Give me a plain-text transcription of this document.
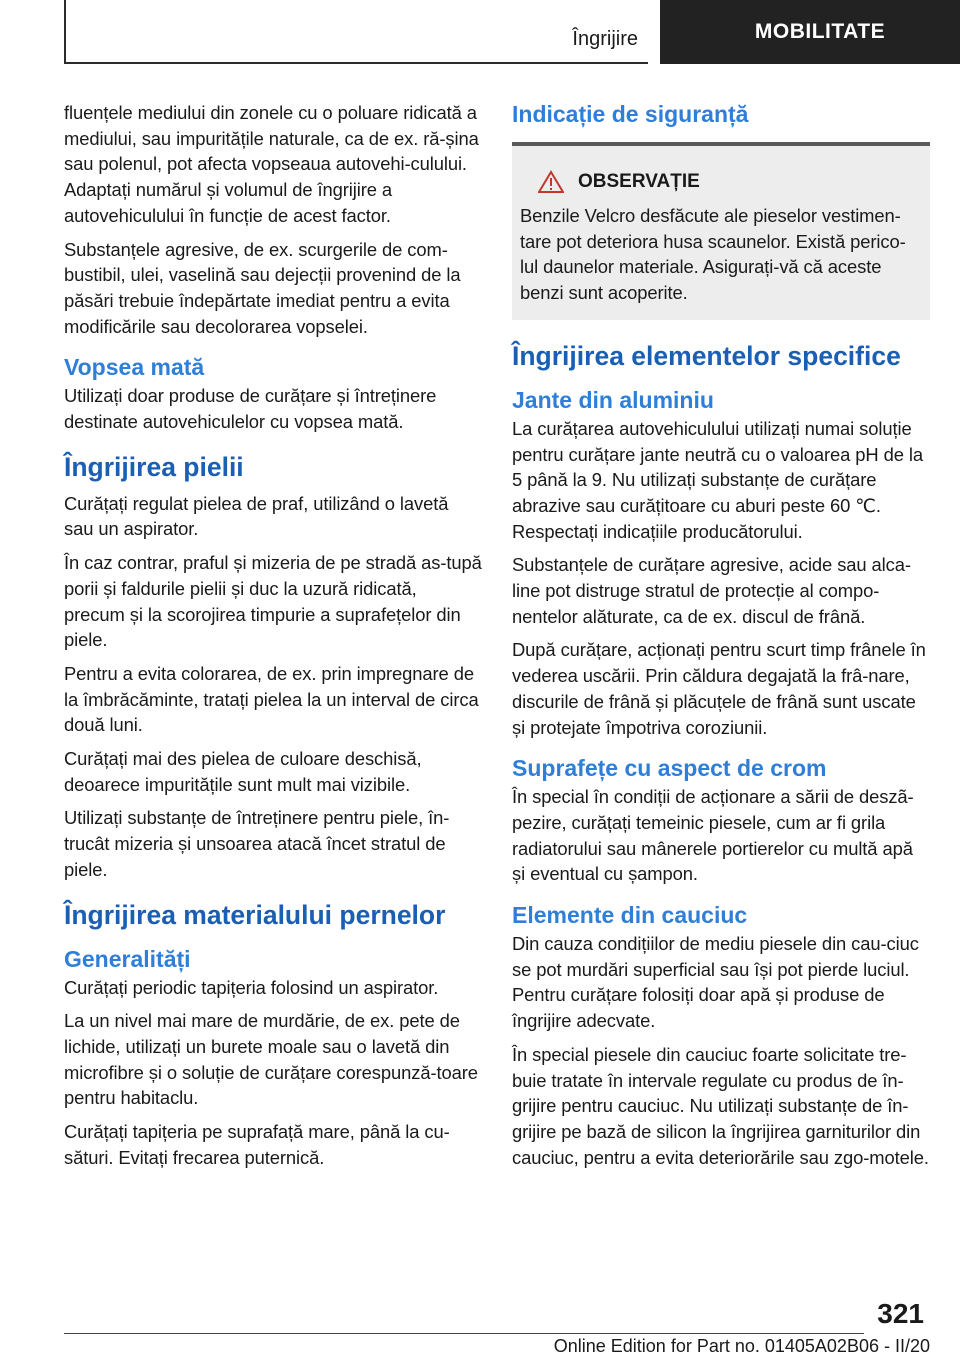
Îngrijire	MOBILITATE

fluențele mediului din zonele cu o poluare ridicată a mediului, sau impuritățile naturale, ca de ex. ră-șina sau polenul, pot afecta vopseaua autovehi-culului. Adaptați numărul și volumul de îngrijire a autovehiculului în funcție de acest factor.

Substanțele agresive, de ex. scurgerile de com-bustibil, ulei, vaselină sau dejecții provenind de la păsări trebuie îndepărtate imediat pentru a evita modificările sau decolorarea vopselei.

Vopsea mată

Utilizați doar produse de curățare și întreținere destinate autovehiculelor cu vopsea mată.

Îngrijirea pielii

Curățați regulat pielea de praf, utilizând o lavetă sau un aspirator.

În caz contrar, praful și mizeria de pe stradă as-tupă porii și faldurile pielii și duc la uzură ridicată, precum și la scorojirea timpurie a suprafețelor din piele.

Pentru a evita colorarea, de ex. prin impregnare de la îmbrăcăminte, tratați pielea la un interval de circa două luni.

Curățați mai des pielea de culoare deschisă, deoarece impuritățile sunt mult mai vizibile.

Utilizați substanțe de întreținere pentru piele, în-trucât mizeria și unsoarea atacă încet stratul de piele.

Îngrijirea materialului pernelor
Generalități

Curățați periodic tapițeria folosind un aspirator.

La un nivel mai mare de murdărie, de ex. pete de lichide, utilizați un burete moale sau o lavetă din microfibre și o soluție de curățare corespunză-toare pentru habitaclu.

Curățați tapițeria pe suprafață mare, până la cu-sături. Evitați frecarea puternică.

Indicație de siguranță
OBSERVAȚIE

Benzile Velcro desfăcute ale pieselor vestimen-tare pot deteriora husa scaunelor. Există perico-lul daunelor materiale. Asigurați-vă că aceste benzi sunt acoperite.

Îngrijirea elementelor specifice
Jante din aluminiu

La curățarea autovehiculului utilizați numai soluție pentru curățare jante neutră cu o valoarea pH de la 5 până la 9. Nu utilizați substanțe de curățare abrazive sau curățitoare cu aburi peste 60 ℃. Respectați indicațiile producătorului.

Substanțele de curățare agresive, acide sau alca-line pot distruge stratul de protecție al compo-nentelor alăturate, ca de ex. discul de frână.

După curățare, acționați pentru scurt timp frânele în vederea uscării. Prin căldura degajată la frâ-nare, discurile de frână și plăcuțele de frână sunt uscate și protejate împotriva coroziunii.

Suprafețe cu aspect de crom

În special în condiții de acționare a sării de deszã-pezire, curățați temeinic piesele, cum ar fi grila radiatorului sau mânerele portierelor cu multă apă și eventual cu șampon.

Elemente din cauciuc

Din cauza condițiilor de mediu piesele din cau-ciuc se pot murdări superficial sau își pot pierde luciul. Pentru curățare folosiți doar apă și produse de îngrijire adecvate.

În special piesele din cauciuc foarte solicitate tre-buie tratate în intervale regulate cu produs de în-grijire pentru cauciuc. Nu utilizați substanțe de în-grijire pe bază de silicon la îngrijirea garniturilor din cauciuc, pentru a evita deteriorările sau zgo-motele.

321
Online Edition for Part no. 01405A02B06 - II/20
